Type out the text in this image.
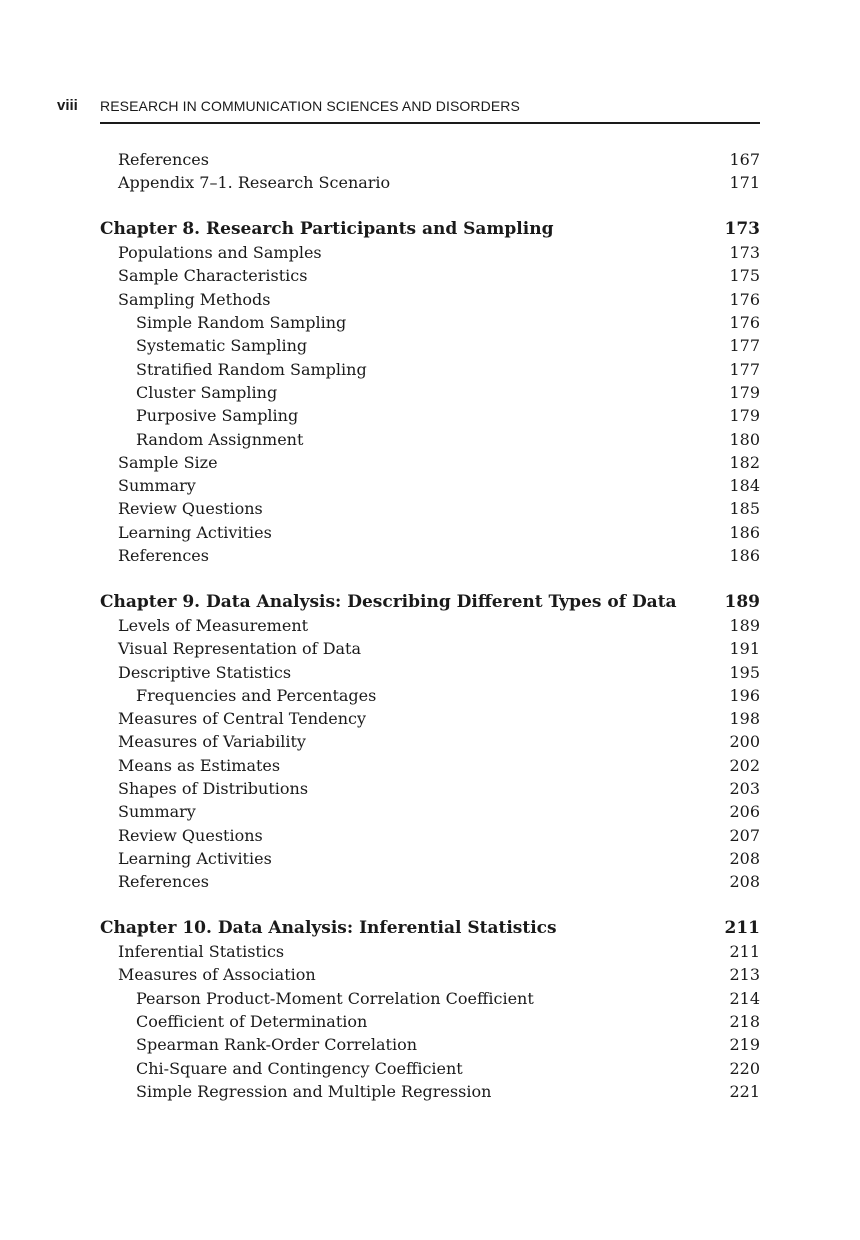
viii RESEARCH IN COMMUNICATION SCIENCES AND DISORDERS
References	167
Appendix 7–1. Research Scenario	171
Chapter 8. Research Participants and Sampling	173
Populations and Samples	173
Sample Characteristics	175
Sampling Methods	176
Simple Random Sampling	176
Systematic Sampling	177
Stratified Random Sampling	177
Cluster Sampling	179
Purposive Sampling	179
Random Assignment	180
Sample Size	182
Summary	184
Review Questions	185
Learning Activities	186
References	186
Chapter 9. Data Analysis: Describing Different Types of Data	189
Levels of Measurement	189
Visual Representation of Data	191
Descriptive Statistics	195
Frequencies and Percentages	196
Measures of Central Tendency	198
Measures of Variability	200
Means as Estimates	202
Shapes of Distributions	203
Summary	206
Review Questions	207
Learning Activities	208
References	208
Chapter 10. Data Analysis: Inferential Statistics	211
Inferential Statistics	211
Measures of Association	213
Pearson Product-Moment Correlation Coefficient	214
Coefficient of Determination	218
Spearman Rank-Order Correlation	219
Chi-Square and Contingency Coefficient	220
Simple Regression and Multiple Regression	221
